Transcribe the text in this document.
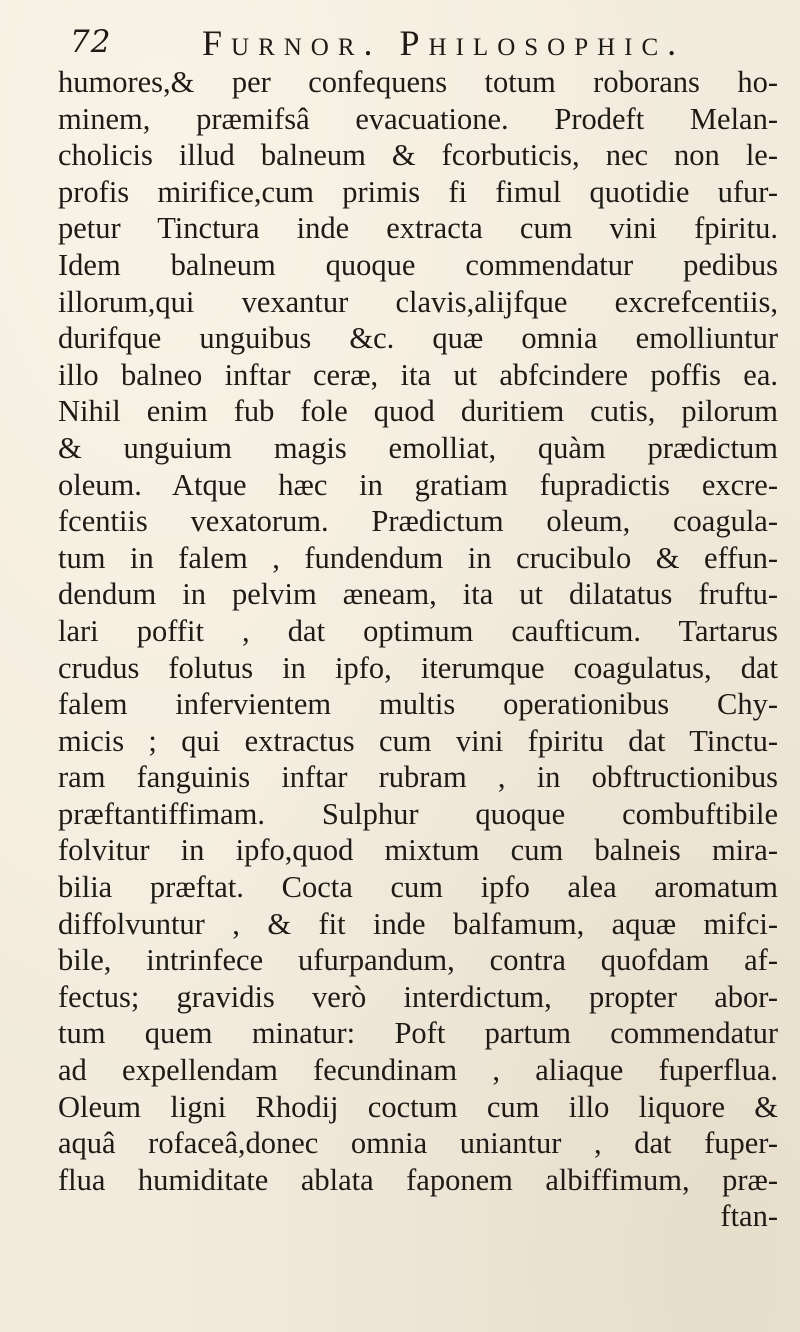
72	Furnor. Philosophic.
humores,& per confequens totum roborans ho-
minem, præmifsâ evacuatione. Prodeft Melan-
cholicis illud balneum & fcorbuticis, nec non le-
profis mirifice,cum primis fi fimul quotidie ufur-
petur Tinctura inde extracta cum vini fpiritu.
Idem balneum quoque commendatur pedibus
illorum,qui vexantur clavis,alijfque excrefcentiis,
durifque unguibus &c. quæ omnia emolliuntur
illo balneo inftar ceræ, ita ut abfcindere poffis ea.
Nihil enim fub fole quod duritiem cutis, pilorum
& unguium magis emolliat, quàm prædictum
oleum. Atque hæc in gratiam fupradictis excre-
fcentiis vexatorum. Prædictum oleum, coagula-
tum in falem , fundendum in crucibulo & effun-
dendum in pelvim æneam, ita ut dilatatus fruftu-
lari poffit , dat optimum caufticum. Tartarus
crudus folutus in ipfo, iterumque coagulatus, dat
falem infervientem multis operationibus Chy-
micis ; qui extractus cum vini fpiritu dat Tinctu-
ram fanguinis inftar rubram , in obftructionibus
præftantiffimam. Sulphur quoque combuftibile
folvitur in ipfo,quod mixtum cum balneis mira-
bilia præftat. Cocta cum ipfo alea aromatum
diffolvuntur , & fit inde balfamum, aquæ mifci-
bile, intrinfece ufurpandum, contra quofdam af-
fectus; gravidis verò interdictum, propter abor-
tum quem minatur: Poft partum commendatur
ad expellendam fecundinam , aliaque fuperflua.
Oleum ligni Rhodij coctum cum illo liquore &
aquâ rofaceâ,donec omnia uniantur , dat fuper-
flua humiditate ablata faponem albiffimum, præ-
ftan-
